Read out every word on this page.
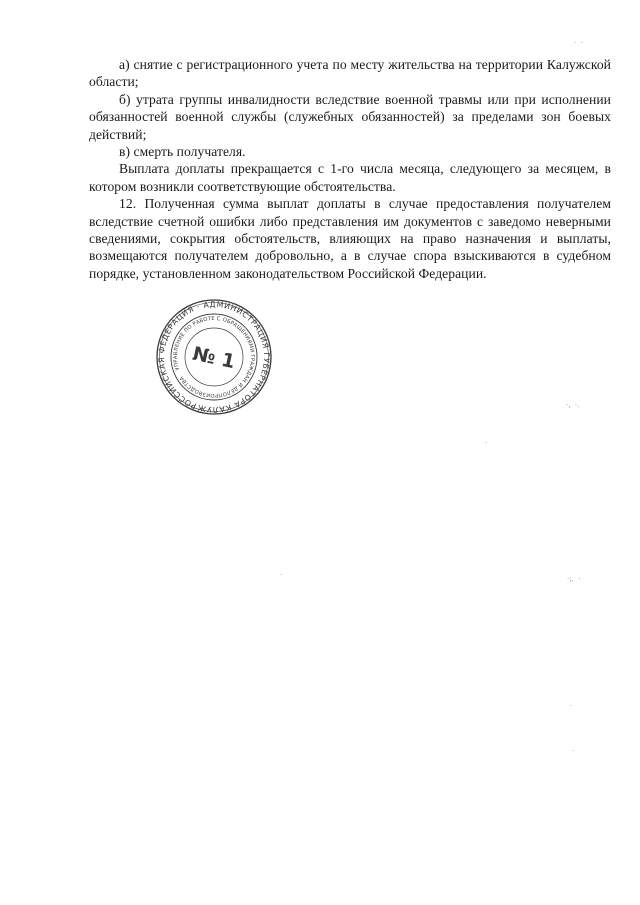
а) снятие с регистрационного учета по месту жительства на территории Калужской области;

б) утрата группы инвалидности вследствие военной травмы или при исполнении обязанностей военной службы (служебных обязанностей) за пределами зон боевых действий;

в) смерть получателя.

Выплата доплаты прекращается с 1-го числа месяца, следующего за месяцем, в котором возникли соответствующие обстоятельства.

12. Полученная сумма выплат доплаты в случае предоставления получателем вследствие счетной ошибки либо представления им документов с заведомо неверными сведениями, сокрытия обстоятельств, влияющих на право назначения и выплаты, возмещаются получателем добровольно, а в случае спора взыскиваются в судебном порядке, установленном законодательством Российской Федерации.

РОССИЙСКАЯ ФЕДЕРАЦИЯ · АДМИНИСТРАЦИЯ ГУБЕРНАТОРА КАЛУЖСКОЙ
УПРАВЛЕНИЕ ПО РАБОТЕ С ОБРАЩЕНИЯМИ ГРАЖДАН И ДЕЛОПРОИЗВОДСТВА
№ 1
·  ·
·,  ·.
·
·;.  ·
·
·
·
